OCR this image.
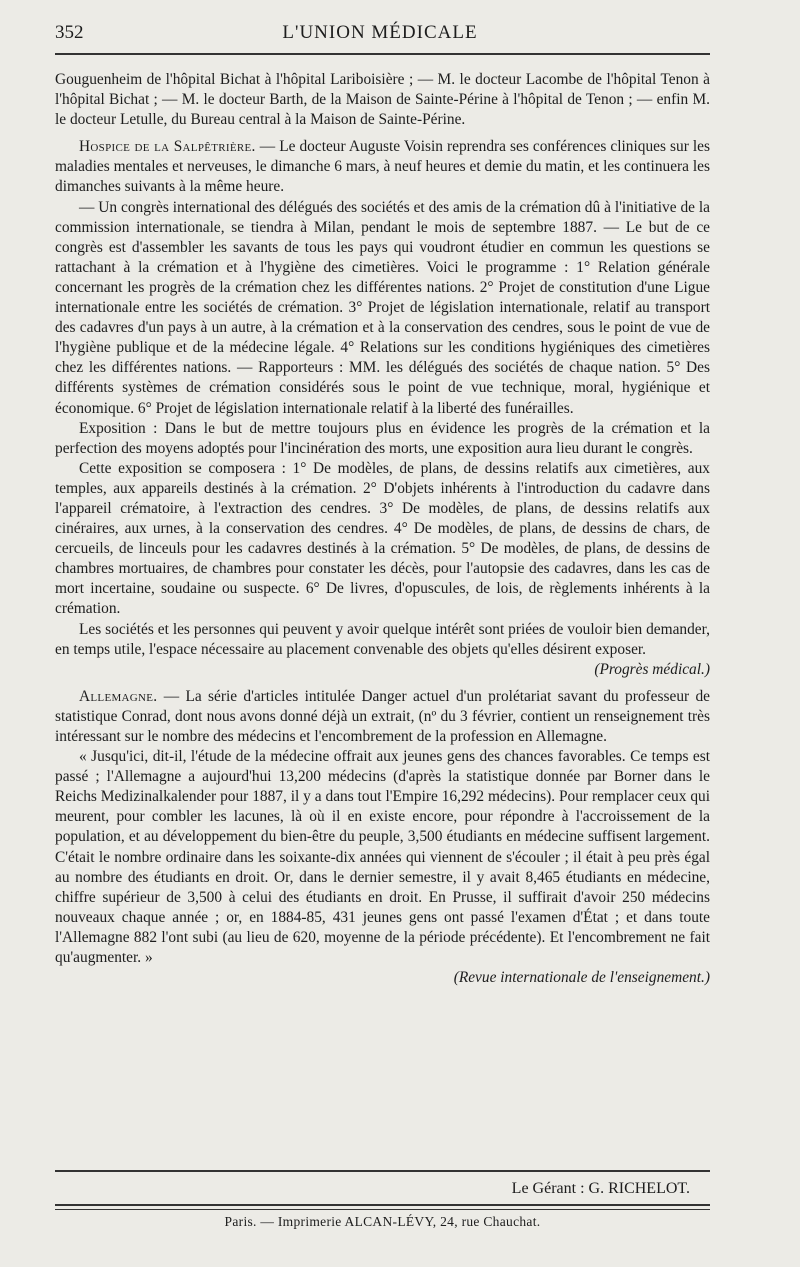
352	L'UNION MÉDICALE

Gouguenheim de l'hôpital Bichat à l'hôpital Lariboisière ; — M. le docteur Lacombe de l'hôpital Tenon à l'hôpital Bichat ; — M. le docteur Barth, de la Maison de Sainte-Périne à l'hôpital de Tenon ; — enfin M. le docteur Letulle, du Bureau central à la Maison de Sainte-Périne.

Hospice de la Salpêtrière. — Le docteur Auguste Voisin reprendra ses conférences cliniques sur les maladies mentales et nerveuses, le dimanche 6 mars, à neuf heures et demie du matin, et les continuera les dimanches suivants à la même heure.

— Un congrès international des délégués des sociétés et des amis de la crémation dû à l'initiative de la commission internationale, se tiendra à Milan, pendant le mois de septembre 1887. — Le but de ce congrès est d'assembler les savants de tous les pays qui voudront étudier en commun les questions se rattachant à la crémation et à l'hygiène des cimetières. Voici le programme : 1° Relation générale concernant les progrès de la crémation chez les différentes nations. 2° Projet de constitution d'une Ligue internationale entre les sociétés de crémation. 3° Projet de législation internationale, relatif au transport des cadavres d'un pays à un autre, à la crémation et à la conservation des cendres, sous le point de vue de l'hygiène publique et de la médecine légale. 4° Relations sur les conditions hygiéniques des cimetières chez les différentes nations. — Rapporteurs : MM. les délégués des sociétés de chaque nation. 5° Des différents systèmes de crémation considérés sous le point de vue technique, moral, hygiénique et économique. 6° Projet de législation internationale relatif à la liberté des funérailles.

Exposition : Dans le but de mettre toujours plus en évidence les progrès de la crémation et la perfection des moyens adoptés pour l'incinération des morts, une exposition aura lieu durant le congrès.

Cette exposition se composera : 1° De modèles, de plans, de dessins relatifs aux cimetières, aux temples, aux appareils destinés à la crémation. 2° D'objets inhérents à l'introduction du cadavre dans l'appareil crématoire, à l'extraction des cendres. 3° De modèles, de plans, de dessins relatifs aux cinéraires, aux urnes, à la conservation des cendres. 4° De modèles, de plans, de dessins de chars, de cercueils, de linceuls pour les cadavres destinés à la crémation. 5° De modèles, de plans, de dessins de chambres mortuaires, de chambres pour constater les décès, pour l'autopsie des cadavres, dans les cas de mort incertaine, soudaine ou suspecte. 6° De livres, d'opuscules, de lois, de règlements inhérents à la crémation.

Les sociétés et les personnes qui peuvent y avoir quelque intérêt sont priées de vouloir bien demander, en temps utile, l'espace nécessaire au placement convenable des objets qu'elles désirent exposer.

(Progrès médical.)

Allemagne. — La série d'articles intitulée Danger actuel d'un prolétariat savant du professeur de statistique Conrad, dont nous avons donné déjà un extrait, (nº du 3 février, contient un renseignement très intéressant sur le nombre des médecins et l'encombrement de la profession en Allemagne.

« Jusqu'ici, dit-il, l'étude de la médecine offrait aux jeunes gens des chances favorables. Ce temps est passé ; l'Allemagne a aujourd'hui 13,200 médecins (d'après la statistique donnée par Borner dans le Reichs Medizinalkalender pour 1887, il y a dans tout l'Empire 16,292 médecins). Pour remplacer ceux qui meurent, pour combler les lacunes, là où il en existe encore, pour répondre à l'accroissement de la population, et au développement du bien-être du peuple, 3,500 étudiants en médecine suffisent largement. C'était le nombre ordinaire dans les soixante-dix années qui viennent de s'écouler ; il était à peu près égal au nombre des étudiants en droit. Or, dans le dernier semestre, il y avait 8,465 étudiants en médecine, chiffre supérieur de 3,500 à celui des étudiants en droit. En Prusse, il suffirait d'avoir 250 médecins nouveaux chaque année ; or, en 1884-85, 431 jeunes gens ont passé l'examen d'État ; et dans toute l'Allemagne 882 l'ont subi (au lieu de 620, moyenne de la période précédente). Et l'encombrement ne fait qu'augmenter. »

(Revue internationale de l'enseignement.)
Le Gérant : G. RICHELOT.
Paris. — Imprimerie ALCAN-LÉVY, 24, rue Chauchat.
